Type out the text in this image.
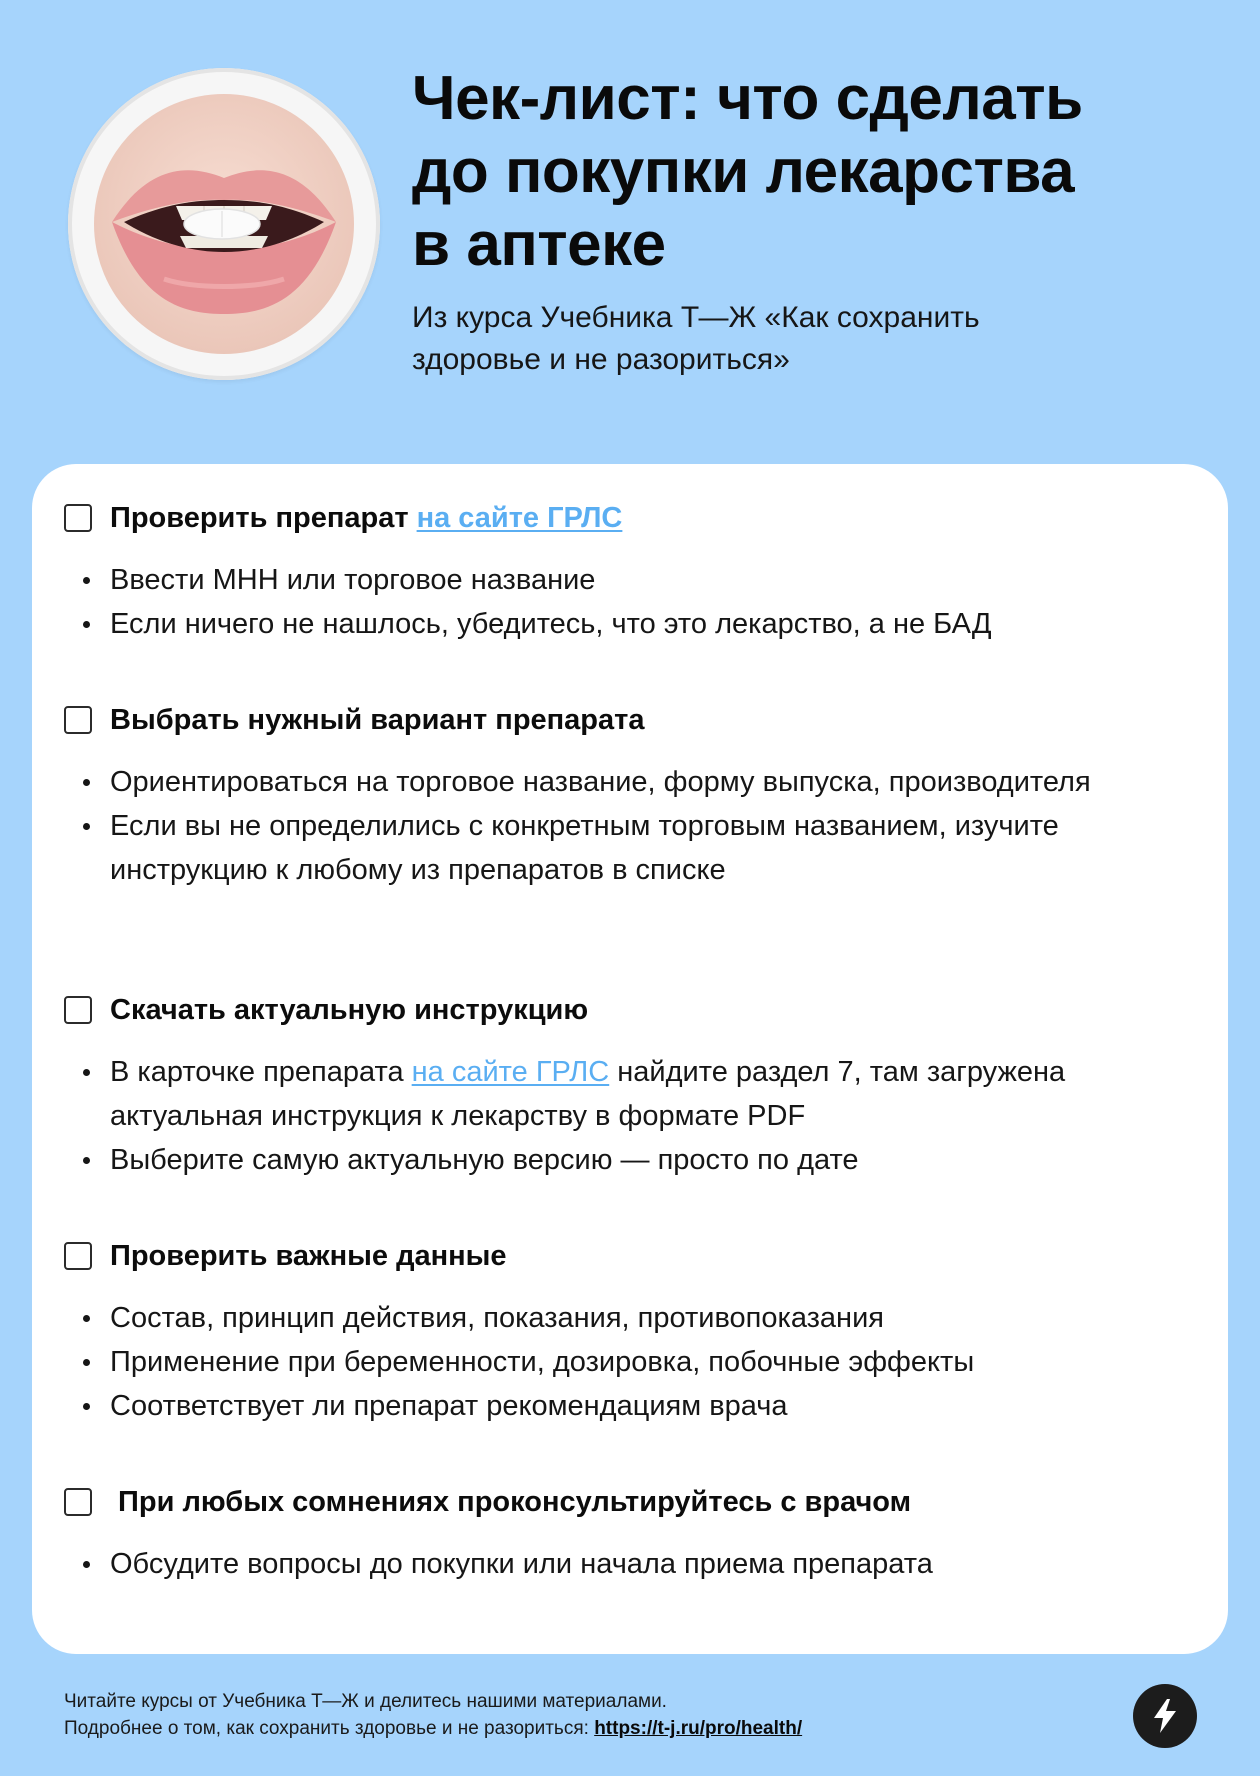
Чек-лист: что сделать
до покупки лекарства
в аптеке

Из курса Учебника Т—Ж «Как сохранить
здоровье и не разориться»

Проверить препарат на сайте ГРЛС
Ввести МНН или торговое название
Если ничего не нашлось, убедитесь, что это лекарство, а не БАД
Выбрать нужный вариант препарата
Ориентироваться на торговое название, форму выпуска, производителя
Если вы не определились с конкретным торговым названием, изучите инструкцию к любому из препаратов в списке
Скачать актуальную инструкцию
В карточке препарата на сайте ГРЛС найдите раздел 7, там загружена актуальная инструкция к лекарству в формате PDF
Выберите самую актуальную версию — просто по дате
Проверить важные данные
Состав, принцип действия, показания, противопоказания
Применение при беременности, дозировка, побочные эффекты
Соответствует ли препарат рекомендациям врача
При любых сомнениях проконсультируйтесь с врачом
Обсудите вопросы до покупки или начала приема препарата
Читайте курсы от Учебника Т—Ж и делитесь нашими материалами.
Подробнее о том, как сохранить здоровье и не разориться: https://t-j.ru/pro/health/
